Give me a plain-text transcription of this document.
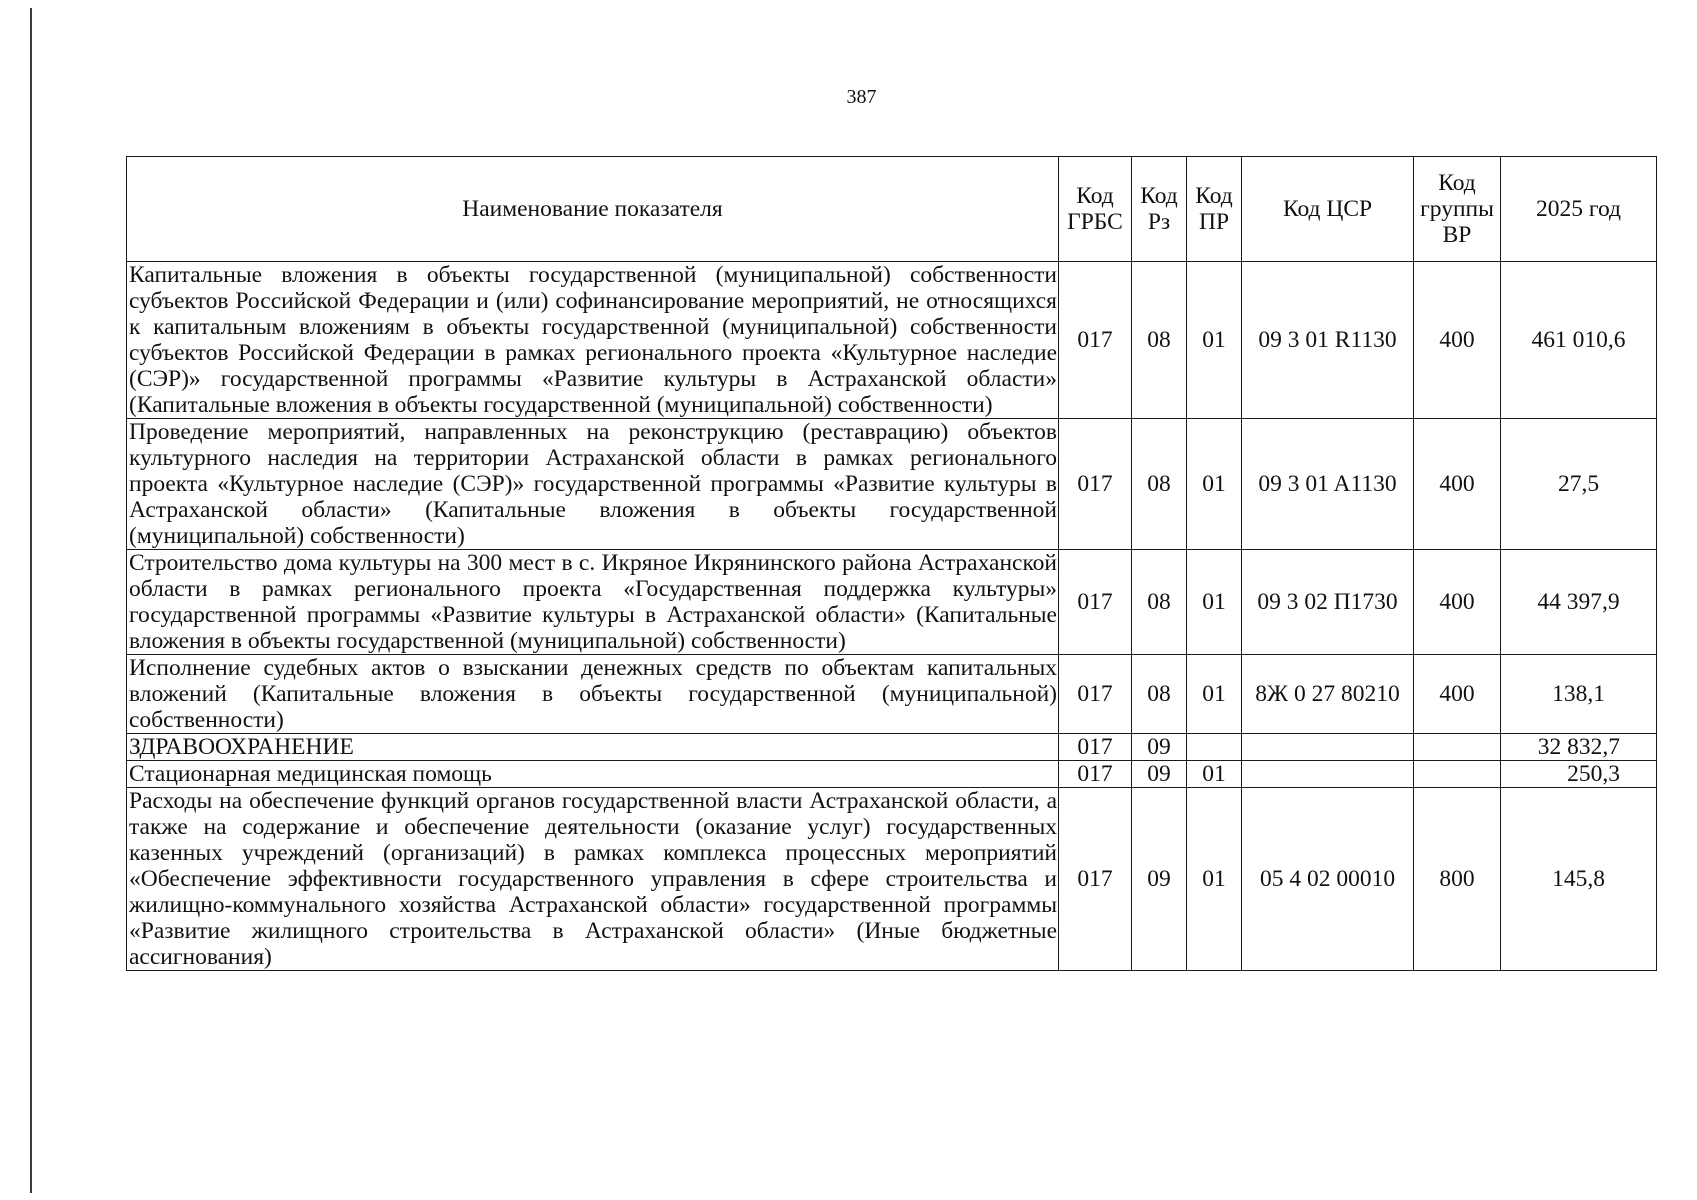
387
Наименование показателя	Код ГРБС	Код Рз	Код ПР	Код ЦСР	Код группы ВР	2025 год
Капитальные вложения в объекты государственной (муниципальной) собственности субъектов Российской Федерации и (или) софинансирование мероприятий, не относящихся к капитальным вложениям в объекты государственной (муниципальной) собственности субъектов Российской Федерации в рамках регионального проекта «Культурное наследие (СЭР)» государственной программы «Развитие культуры в Астраханской области» (Капитальные вложения в объекты государственной (муниципальной) собственности)	017	08	01	09 3 01 R1130	400	461 010,6
Проведение мероприятий, направленных на реконструкцию (реставрацию) объектов культурного наследия на территории Астраханской области в рамках регионального проекта «Культурное наследие (СЭР)» государственной программы «Развитие культуры в Астраханской области» (Капитальные вложения в объекты государственной (муниципальной) собственности)	017	08	01	09 3 01 A1130	400	27,5
Строительство дома культуры на 300 мест в с. Икряное Икрянинского района Астраханской области в рамках регионального проекта «Государственная поддержка культуры» государственной программы «Развитие культуры в Астраханской области» (Капитальные вложения в объекты государственной (муниципальной) собственности)	017	08	01	09 3 02 П1730	400	44 397,9
Исполнение судебных актов о взыскании денежных средств по объектам капитальных вложений (Капитальные вложения в объекты государственной (муниципальной) собственности)	017	08	01	8Ж 0 27 80210	400	138,1
ЗДРАВООХРАНЕНИЕ	017	09				32 832,7
Стационарная медицинская помощь	017	09	01			250,3
Расходы на обеспечение функций органов государственной власти Астраханской области, а также на содержание и обеспечение деятельности (оказание услуг) государственных казенных учреждений (организаций) в рамках комплекса процессных мероприятий «Обеспечение эффективности государственного управления в сфере строительства и жилищно-коммунального хозяйства Астраханской области» государственной программы «Развитие жилищного строительства в Астраханской области» (Иные бюджетные ассигнования)	017	09	01	05 4 02 00010	800	145,8
